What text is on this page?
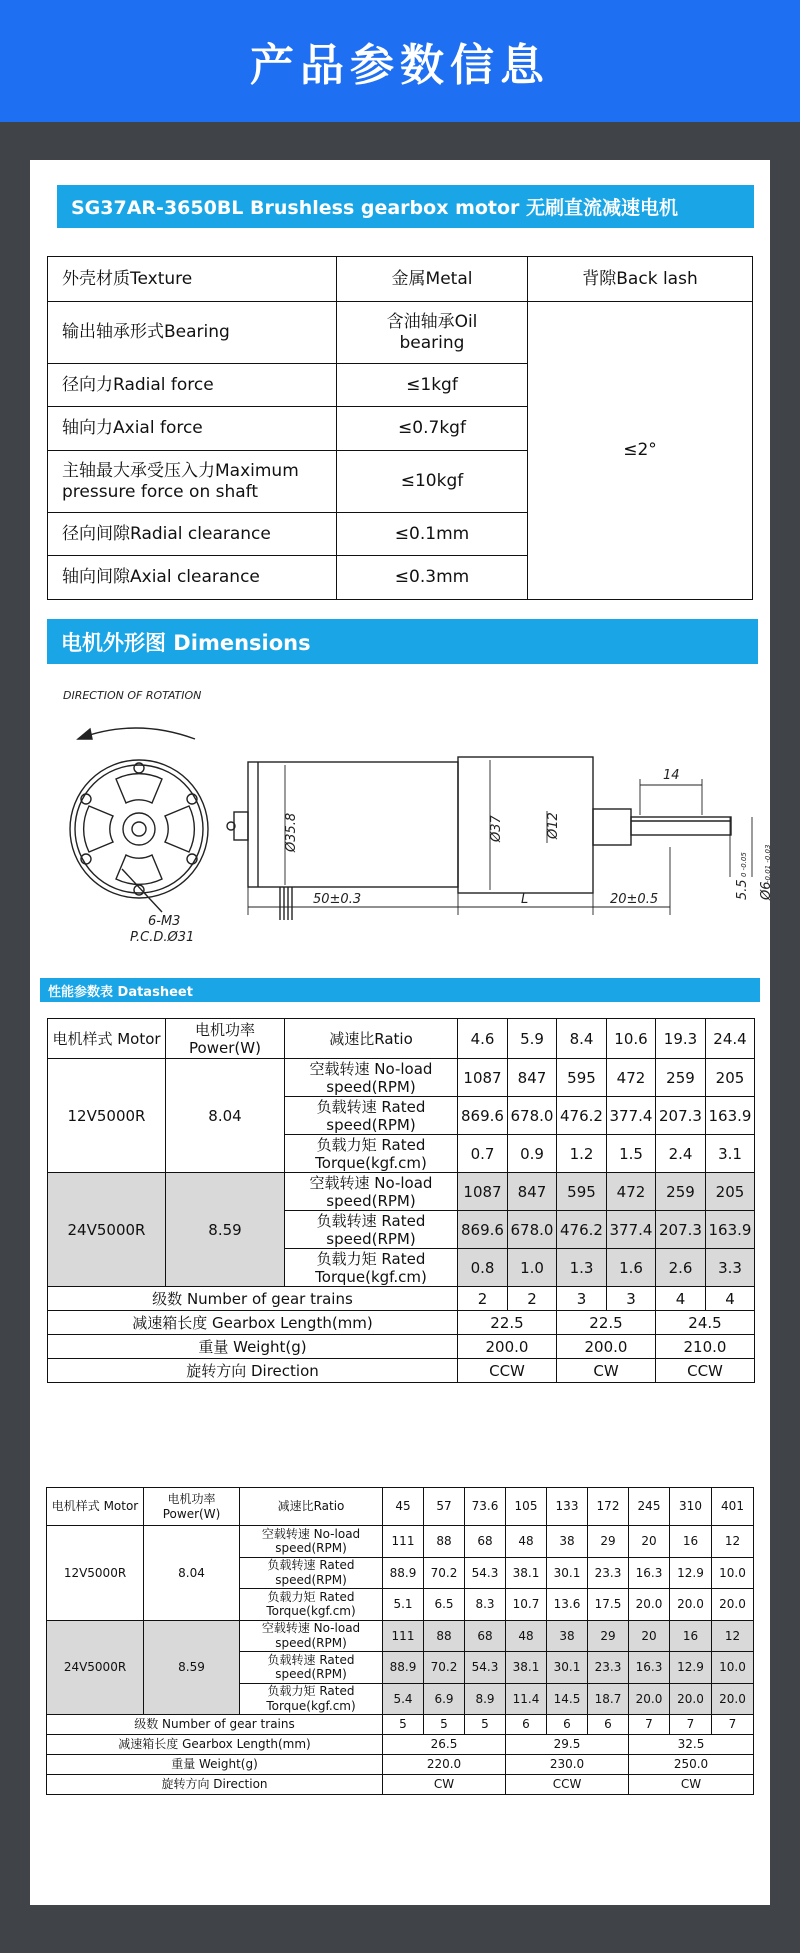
产品参数信息
SG37AR-3650BL Brushless gearbox motor 无刷直流减速电机
外壳材质Texture	金属Metal	背隙Back lash
输出轴承形式Bearing	含油轴承Oil bearing	≤2°
径向力Radial force	≤1kgf	
轴向力Axial force	≤0.7kgf	
主轴最大承受压入力Maximum pressure force on shaft	≤10kgf	
径向间隙Radial clearance	≤0.1mm	
轴向间隙Axial clearance	≤0.3mm	
电机外形图 Dimensions
性能参数表 Datasheet
电机样式 Motor	电机功率 Power(W)	减速比Ratio	4.6	5.9	8.4	10.6	19.3	24.4
12V5000R	8.04	空载转速 No-load speed(RPM)	1087	847	595	472	259	205
		负载转速 Rated speed(RPM)	869.6	678.0	476.2	377.4	207.3	163.9
		负载力矩 Rated Torque(kgf.cm)	0.7	0.9	1.2	1.5	2.4	3.1
24V5000R	8.59	空载转速 No-load speed(RPM)	1087	847	595	472	259	205
		负载转速 Rated speed(RPM)	869.6	678.0	476.2	377.4	207.3	163.9
		负载力矩 Rated Torque(kgf.cm)	0.8	1.0	1.3	1.6	2.6	3.3
级数 Number of gear trains			2	2	3	3	4	4
减速箱长度 Gearbox Length(mm)			22.5		22.5		24.5	
重量 Weight(g)			200.0		200.0		210.0	
旋转方向 Direction			CCW		CW		CCW	
电机样式 Motor	电机功率 Power(W)	减速比Ratio	45	57	73.6	105	133	172	245	310	401
12V5000R	8.04	空载转速 No-load speed(RPM)	111	88	68	48	38	29	20	16	12
		负载转速 Rated speed(RPM)	88.9	70.2	54.3	38.1	30.1	23.3	16.3	12.9	10.0
		负载力矩 Rated Torque(kgf.cm)	5.1	6.5	8.3	10.7	13.6	17.5	20.0	20.0	20.0
24V5000R	8.59	空载转速 No-load speed(RPM)	111	88	68	48	38	29	20	16	12
		负载转速 Rated speed(RPM)	88.9	70.2	54.3	38.1	30.1	23.3	16.3	12.9	10.0
		负载力矩 Rated Torque(kgf.cm)	5.4	6.9	8.9	11.4	14.5	18.7	20.0	20.0	20.0
级数 Number of gear trains			5	5	5	6	6	6	7	7	7
减速箱长度 Gearbox Length(mm)			26.5			29.5			32.5		
重量 Weight(g)			220.0			230.0			250.0		
旋转方向 Direction			CW			CCW			CW		
DIRECTION OF ROTATION
6-M3
P.C.D.Ø31
50±0.3	L	20±0.5
14
Ø35.8	Ø37	Ø12
5.5
0 -0.05
Ø6
-0.01 -0.03
